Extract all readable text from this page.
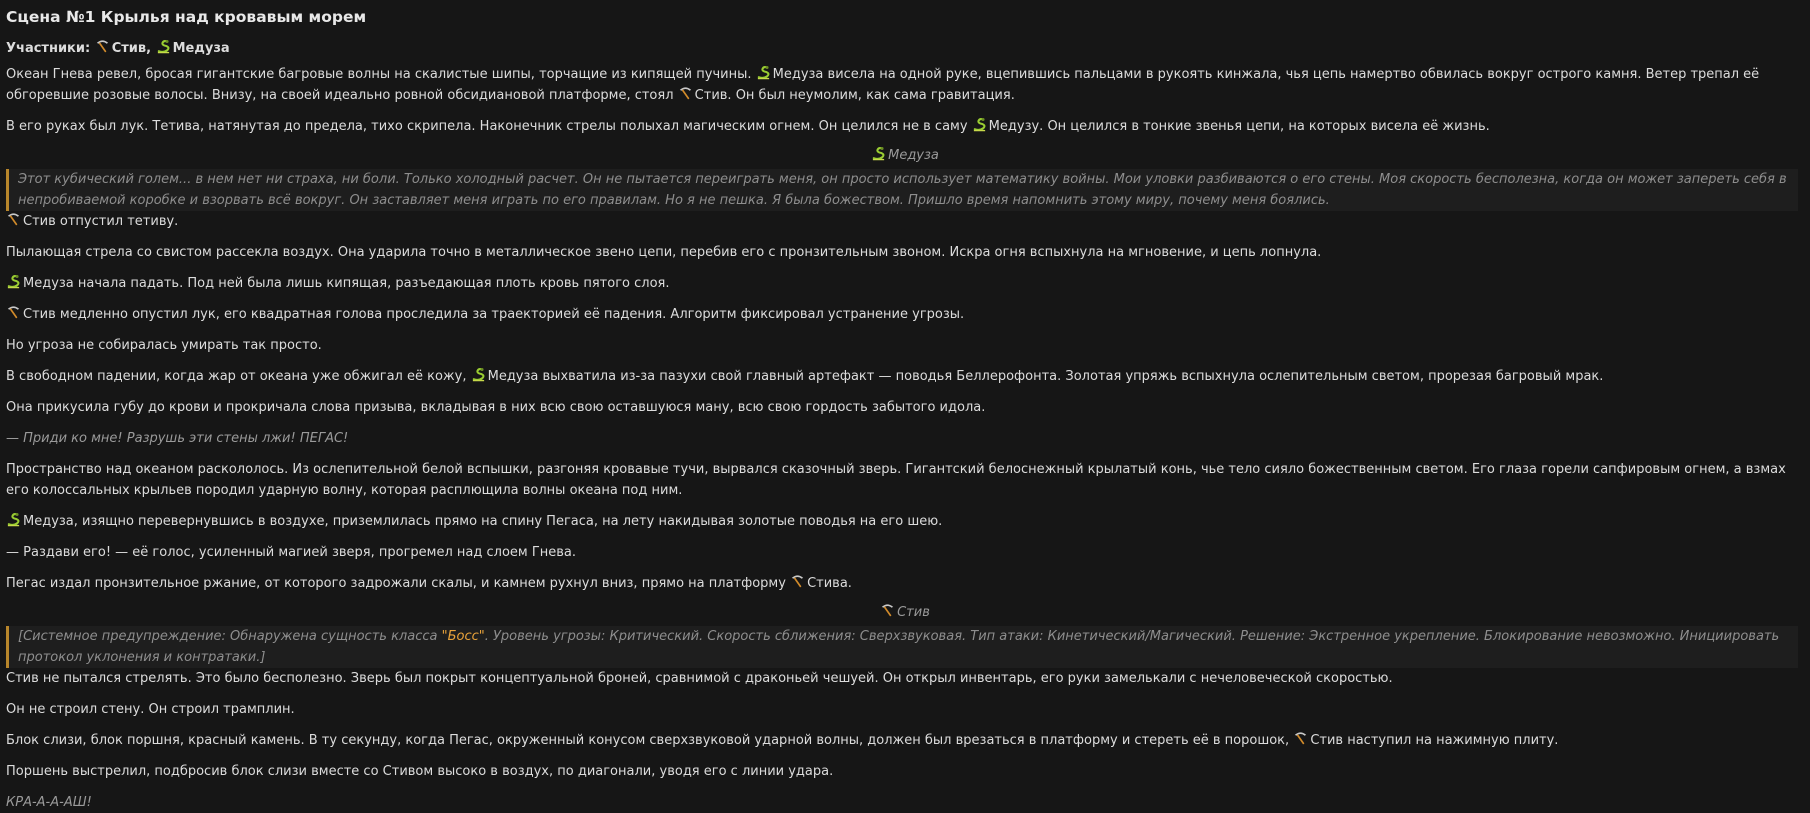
Сцена №1 Крылья над кровавым морем
Участники: Стив, Медуза
Океан Гнева ревел, бросая гигантские багровые волны на скалистые шипы, торчащие из кипящей пучины. Медуза висела на одной руке, вцепившись пальцами в рукоять кинжала, чья цепь намертво обвилась вокруг острого камня. Ветер трепал её обгоревшие розовые волосы. Внизу, на своей идеально ровной обсидиановой платформе, стоял Стив. Он был неумолим, как сама гравитация.
В его руках был лук. Тетива, натянутая до предела, тихо скрипела. Наконечник стрелы полыхал магическим огнем. Он целился не в саму Медузу. Он целился в тонкие звенья цепи, на которых висела её жизнь.
Медуза
Этот кубический голем... в нем нет ни страха, ни боли. Только холодный расчет. Он не пытается переиграть меня, он просто использует математику войны. Мои уловки разбиваются о его стены. Моя скорость бесполезна, когда он может запереть себя в непробиваемой коробке и взорвать всё вокруг. Он заставляет меня играть по его правилам. Но я не пешка. Я была божеством. Пришло время напомнить этому миру, почему меня боялись.
Стив отпустил тетиву.
Пылающая стрела со свистом рассекла воздух. Она ударила точно в металлическое звено цепи, перебив его с пронзительным звоном. Искра огня вспыхнула на мгновение, и цепь лопнула.
Медуза начала падать. Под ней была лишь кипящая, разъедающая плоть кровь пятого слоя.
Стив медленно опустил лук, его квадратная голова проследила за траекторией её падения. Алгоритм фиксировал устранение угрозы.
Но угроза не собиралась умирать так просто.
В свободном падении, когда жар от океана уже обжигал её кожу, Медуза выхватила из-за пазухи свой главный артефакт — поводья Беллерофонта. Золотая упряжь вспыхнула ослепительным светом, прорезая багровый мрак.
Она прикусила губу до крови и прокричала слова призыва, вкладывая в них всю свою оставшуюся ману, всю свою гордость забытого идола.
— Приди ко мне! Разрушь эти стены лжи! ПЕГАС!
Пространство над океаном раскололось. Из ослепительной белой вспышки, разгоняя кровавые тучи, вырвался сказочный зверь. Гигантский белоснежный крылатый конь, чье тело сияло божественным светом. Его глаза горели сапфировым огнем, а взмах его колоссальных крыльев породил ударную волну, которая расплющила волны океана под ним.
Медуза, изящно перевернувшись в воздухе, приземлилась прямо на спину Пегаса, на лету накидывая золотые поводья на его шею.
— Раздави его! — её голос, усиленный магией зверя, прогремел над слоем Гнева.
Пегас издал пронзительное ржание, от которого задрожали скалы, и камнем рухнул вниз, прямо на платформу Стива.
Стив
[Системное предупреждение: Обнаружена сущность класса "Босс". Уровень угрозы: Критический. Скорость сближения: Сверхзвуковая. Тип атаки: Кинетический/Магический. Решение: Экстренное укрепление. Блокирование невозможно. Инициировать протокол уклонения и контратаки.]
Стив не пытался стрелять. Это было бесполезно. Зверь был покрыт концептуальной броней, сравнимой с драконьей чешуей. Он открыл инвентарь, его руки замелькали с нечеловеческой скоростью.
Он не строил стену. Он строил трамплин.
Блок слизи, блок поршня, красный камень. В ту секунду, когда Пегас, окруженный конусом сверхзвуковой ударной волны, должен был врезаться в платформу и стереть её в порошок, Стив наступил на нажимную плиту.
Поршень выстрелил, подбросив блок слизи вместе со Стивом высоко в воздух, по диагонали, уводя его с линии удара.
КРА-А-А-АШ!
